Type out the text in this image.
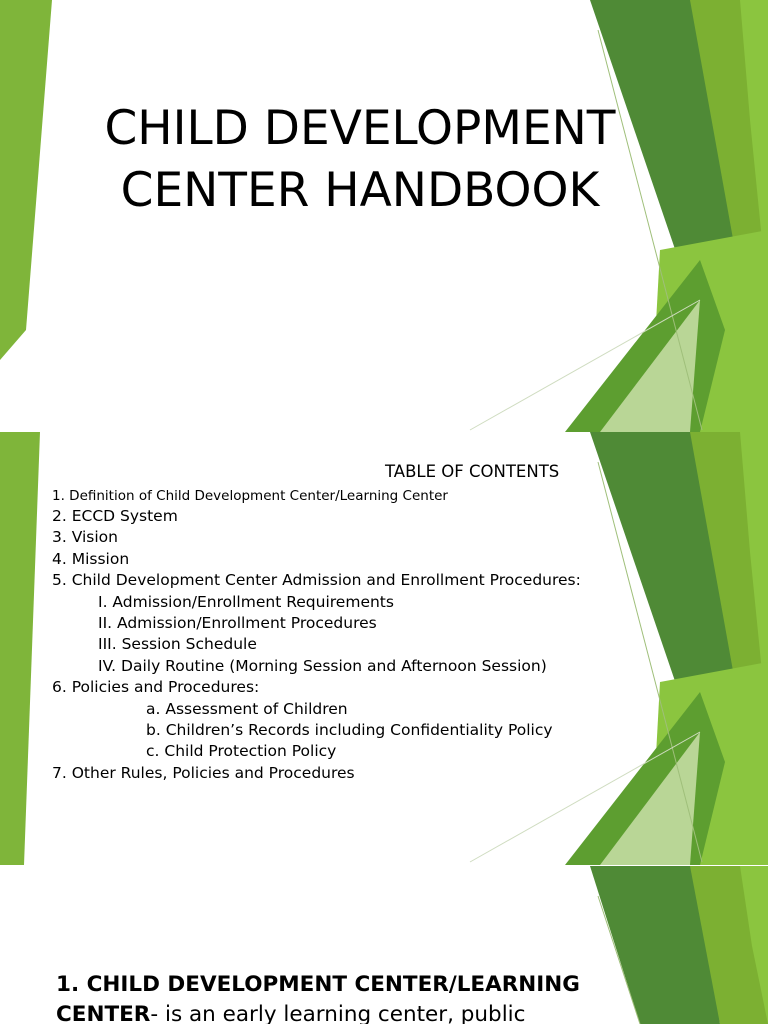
CHILD DEVELOPMENT CENTER HANDBOOK
TABLE OF CONTENTS
1. Definition of Child Development Center/Learning Center
2. ECCD System
3. Vision
4. Mission
5. Child Development Center Admission and Enrollment Procedures:
I. Admission/Enrollment Requirements
II. Admission/Enrollment Procedures
III. Session Schedule
IV. Daily Routine (Morning Session and Afternoon Session)
6. Policies and Procedures:
a. Assessment of Children
b. Children’s Records including Confidentiality Policy
c. Child Protection Policy
7. Other Rules, Policies and Procedures

1. CHILD DEVELOPMENT CENTER/LEARNING
CENTER- is an early learning center, public
